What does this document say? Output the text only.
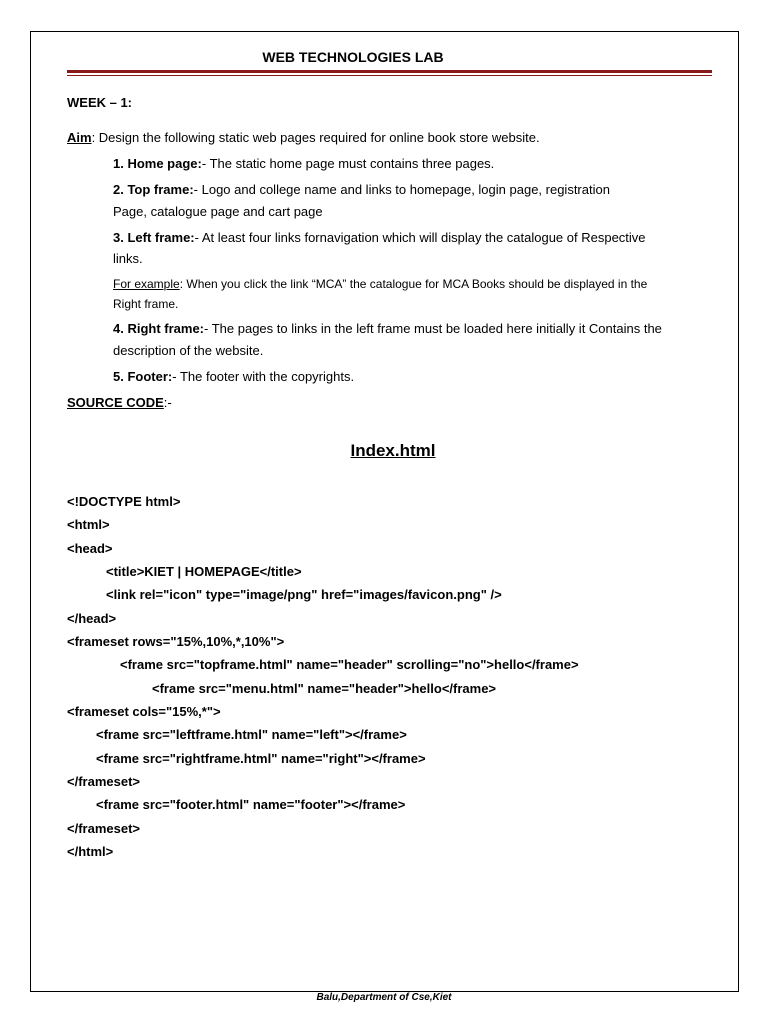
WEB TECHNOLOGIES LAB
WEEK – 1:
Aim: Design the following static web pages required for online book store website.
1. Home page:- The static home page must contains three pages.
2. Top frame:- Logo and college name and links to homepage, login page, registration
Page, catalogue page and cart page
3. Left frame:- At least four links fornavigation which will display the catalogue of Respective
links.
For example: When you click the link “MCA” the catalogue for MCA Books should be displayed in the
Right frame.
4. Right frame:- The pages to links in the left frame must be loaded here initially it Contains the
description of the website.
5. Footer:- The footer with the copyrights.
SOURCE CODE:-
Index.html
<!DOCTYPE html>
<html>
<head>
<title>KIET | HOMEPAGE</title>
<link rel="icon" type="image/png" href="images/favicon.png" />
</head>
<frameset rows="15%,10%,*,10%">
<frame src="topframe.html" name="header" scrolling="no">hello</frame>
<frame src="menu.html" name="header">hello</frame>
<frameset cols="15%,*">
<frame src="leftframe.html" name="left"></frame>
<frame src="rightframe.html" name="right"></frame>
</frameset>
<frame src="footer.html" name="footer"></frame>
</frameset>
</html>
Balu,Department of Cse,Kiet
